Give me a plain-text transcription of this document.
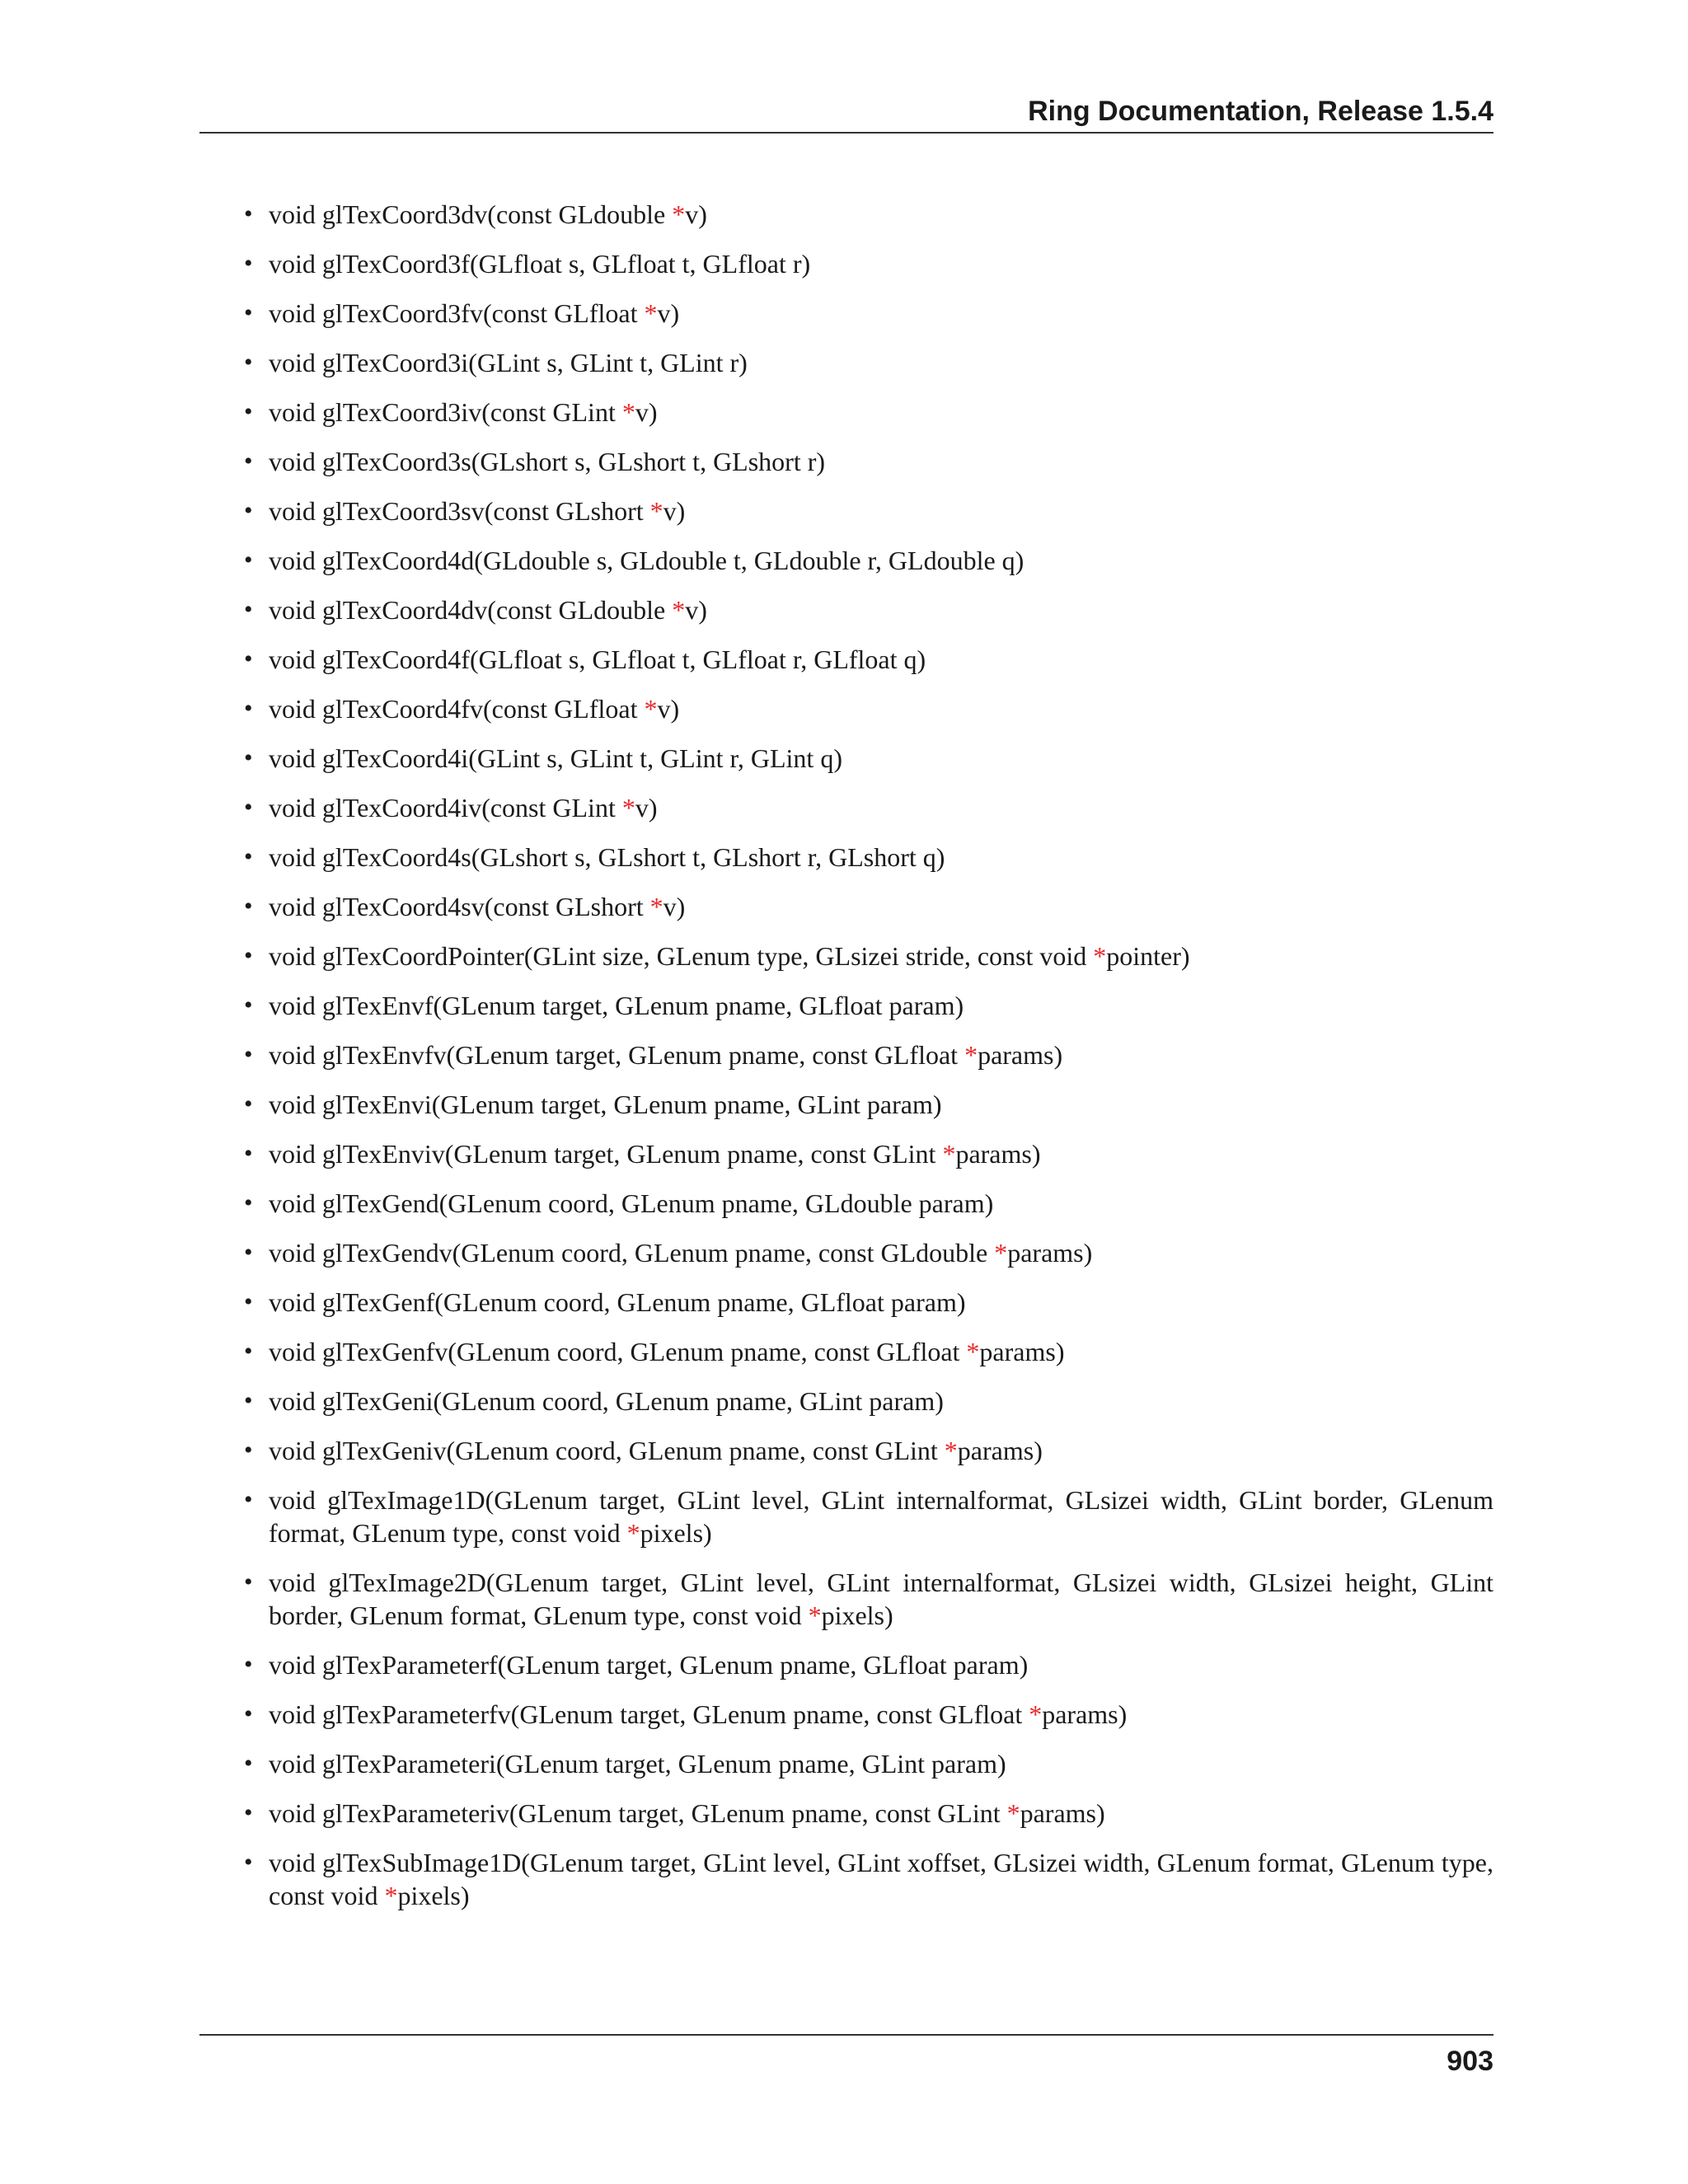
Ring Documentation, Release 1.5.4
• void glTexCoord3dv(const GLdouble *v)
• void glTexCoord3f(GLfloat s, GLfloat t, GLfloat r)
• void glTexCoord3fv(const GLfloat *v)
• void glTexCoord3i(GLint s, GLint t, GLint r)
• void glTexCoord3iv(const GLint *v)
• void glTexCoord3s(GLshort s, GLshort t, GLshort r)
• void glTexCoord3sv(const GLshort *v)
• void glTexCoord4d(GLdouble s, GLdouble t, GLdouble r, GLdouble q)
• void glTexCoord4dv(const GLdouble *v)
• void glTexCoord4f(GLfloat s, GLfloat t, GLfloat r, GLfloat q)
• void glTexCoord4fv(const GLfloat *v)
• void glTexCoord4i(GLint s, GLint t, GLint r, GLint q)
• void glTexCoord4iv(const GLint *v)
• void glTexCoord4s(GLshort s, GLshort t, GLshort r, GLshort q)
• void glTexCoord4sv(const GLshort *v)
• void glTexCoordPointer(GLint size, GLenum type, GLsizei stride, const void *pointer)
• void glTexEnvf(GLenum target, GLenum pname, GLfloat param)
• void glTexEnvfv(GLenum target, GLenum pname, const GLfloat *params)
• void glTexEnvi(GLenum target, GLenum pname, GLint param)
• void glTexEnviv(GLenum target, GLenum pname, const GLint *params)
• void glTexGend(GLenum coord, GLenum pname, GLdouble param)
• void glTexGendv(GLenum coord, GLenum pname, const GLdouble *params)
• void glTexGenf(GLenum coord, GLenum pname, GLfloat param)
• void glTexGenfv(GLenum coord, GLenum pname, const GLfloat *params)
• void glTexGeni(GLenum coord, GLenum pname, GLint param)
• void glTexGeniv(GLenum coord, GLenum pname, const GLint *params)
• void glTexImage1D(GLenum target, GLint level, GLint internalformat, GLsizei width, GLint border, GLenum format, GLenum type, const void *pixels)
• void glTexImage2D(GLenum target, GLint level, GLint internalformat, GLsizei width, GLsizei height, GLint border, GLenum format, GLenum type, const void *pixels)
• void glTexParameterf(GLenum target, GLenum pname, GLfloat param)
• void glTexParameterfv(GLenum target, GLenum pname, const GLfloat *params)
• void glTexParameteri(GLenum target, GLenum pname, GLint param)
• void glTexParameteriv(GLenum target, GLenum pname, const GLint *params)
• void glTexSubImage1D(GLenum target, GLint level, GLint xoffset, GLsizei width, GLenum format, GLenum type, const void *pixels)
903
